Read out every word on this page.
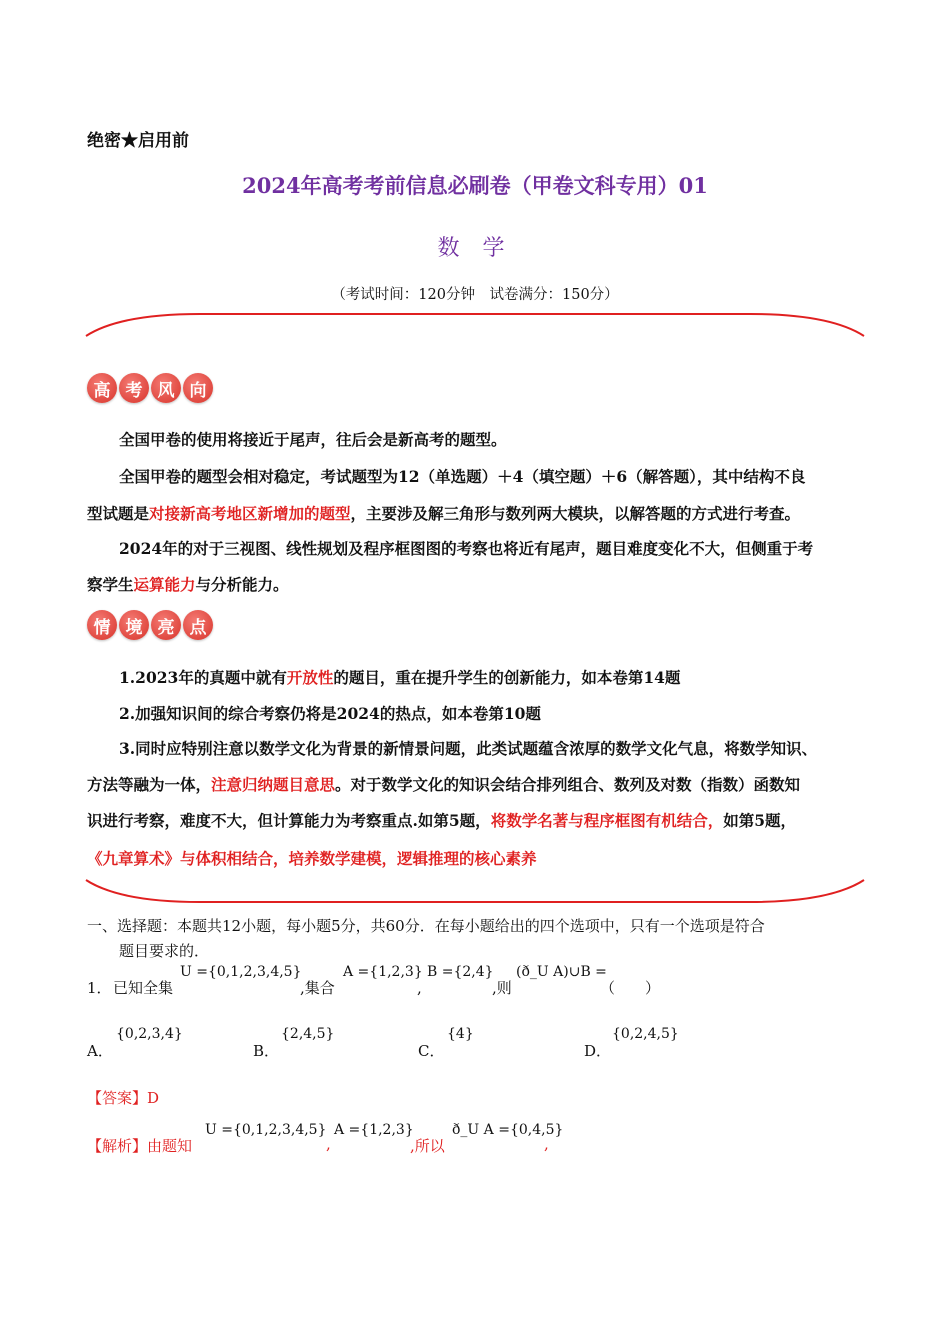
绝密★启用前
2024年高考考前信息必刷卷（甲卷文科专用）01
数 学
（考试时间：120分钟　试卷满分：150分）
高 考 风 向
全国甲卷的使用将接近于尾声，往后会是新高考的题型。
全国甲卷的题型会相对稳定，考试题型为12（单选题）＋4（填空题）＋6（解答题），其中结构不良
型试题是对接新高考地区新增加的题型，主要涉及解三角形与数列两大模块，以解答题的方式进行考查。
2024年的对于三视图、线性规划及程序框图图的考察也将近有尾声，题目难度变化不大，但侧重于考
察学生运算能力与分析能力。
情 境 亮 点
1.2023年的真题中就有开放性的题目，重在提升学生的创新能力，如本卷第14题
2.加强知识间的综合考察仍将是2024的热点，如本卷第10题
3.同时应特别注意以数学文化为背景的新情景问题，此类试题蕴含浓厚的数学文化气息，将数学知识、
方法等融为一体，注意归纳题目意思。对于数学文化的知识会结合排列组合、数列及对数（指数）函数知
识进行考察，难度不大，但计算能力为考察重点.如第5题，将数学名著与程序框图有机结合，如第5题，
《九章算术》与体积相结合，培养数学建模，逻辑推理的核心素养
一、选择题：本题共12小题，每小题5分，共60分．在每小题给出的四个选项中，只有一个选项是符合
题目要求的．
1． 已知全集
U ={0,1,2,3,4,5}
,集合
A ={1,2,3}
,
B ={2,4}
,则
(ð_U A)∪B =
（　　）
A．
{0,2,3,4}
B．
{2,4,5}
C．
{4}
D．
{0,2,4,5}
【答案】D
【解析】由题知
U ={0,1,2,3,4,5}
,
A ={1,2,3}
,所以
ð_U A ={0,4,5}
,
